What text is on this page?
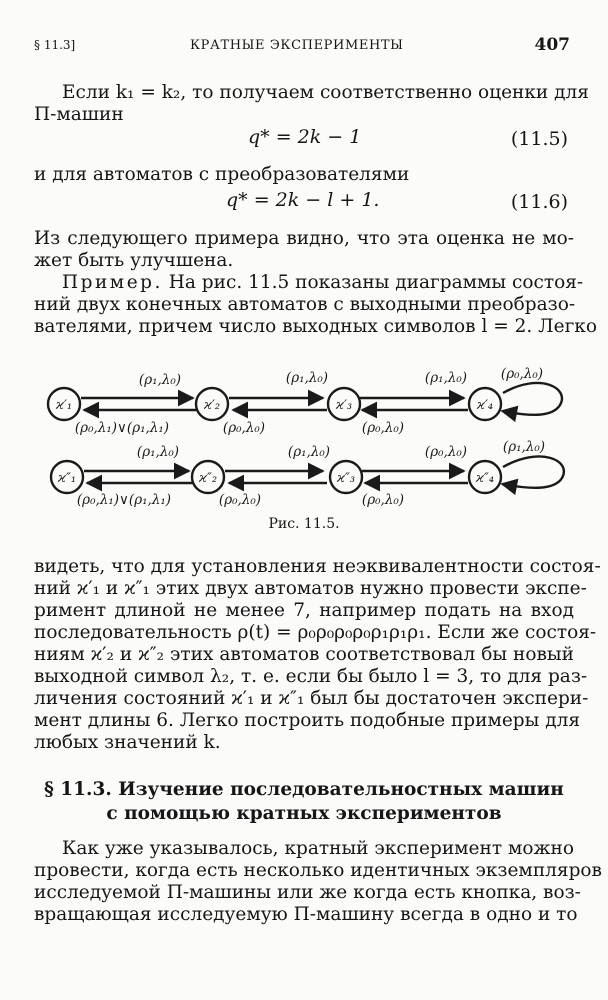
§ 11.3]	КРАТНЫЕ ЭКСПЕРИМЕНТЫ	407
Если k₁ = k₂, то получаем соответственно оценки для
П-машин
q* = 2k − 1	(11.5)
и для автоматов с преобразователями
q* = 2k − l + 1.	(11.6)
Из следующего примера видно, что эта оценка не мо-
жет быть улучшена.
Пример. На рис. 11.5 показаны диаграммы состоя-
ний двух конечных автоматов с выходными преобразо-
вателями, причем число выходных символов l = 2. Легко
ϰ′₁	ϰ′₂	ϰ′₃	ϰ′₄
(ρ₁,λ₀)	(ρ₁,λ₀)	(ρ₁,λ₀)	(ρ₀,λ₀)
(ρ₀,λ₁)∨(ρ₁,λ₁)	(ρ₀,λ₀)	(ρ₀,λ₀)
ϰ″₁	ϰ″₂	ϰ″₃	ϰ″₄
(ρ₁,λ₀)	(ρ₁,λ₀)	(ρ₀,λ₀)	(ρ₁,λ₀)
(ρ₀,λ₁)∨(ρ₁,λ₁)	(ρ₀,λ₀)	(ρ₀,λ₀)
Рис. 11.5.
видеть, что для установления неэквивалентности состоя-
ний ϰ′₁ и ϰ″₁ этих двух автоматов нужно провести экспе-
римент длиной не менее 7, например подать на вход
последовательность ρ(t) = ρ₀ρ₀ρ₀ρ₀ρ₁ρ₁ρ₁. Если же состоя-
ниям ϰ′₂ и ϰ″₂ этих автоматов соответствовал бы новый
выходной символ λ₂, т. е. если бы было l = 3, то для раз-
личения состояний ϰ′₁ и ϰ″₁ был бы достаточен экспери-
мент длины 6. Легко построить подобные примеры для
любых значений k.
§ 11.3. Изучение последовательностных машин
с помощью кратных экспериментов
Как уже указывалось, кратный эксперимент можно
провести, когда есть несколько идентичных экземпляров
исследуемой П-машины или же когда есть кнопка, воз-
вращающая исследуемую П-машину всегда в одно и то
